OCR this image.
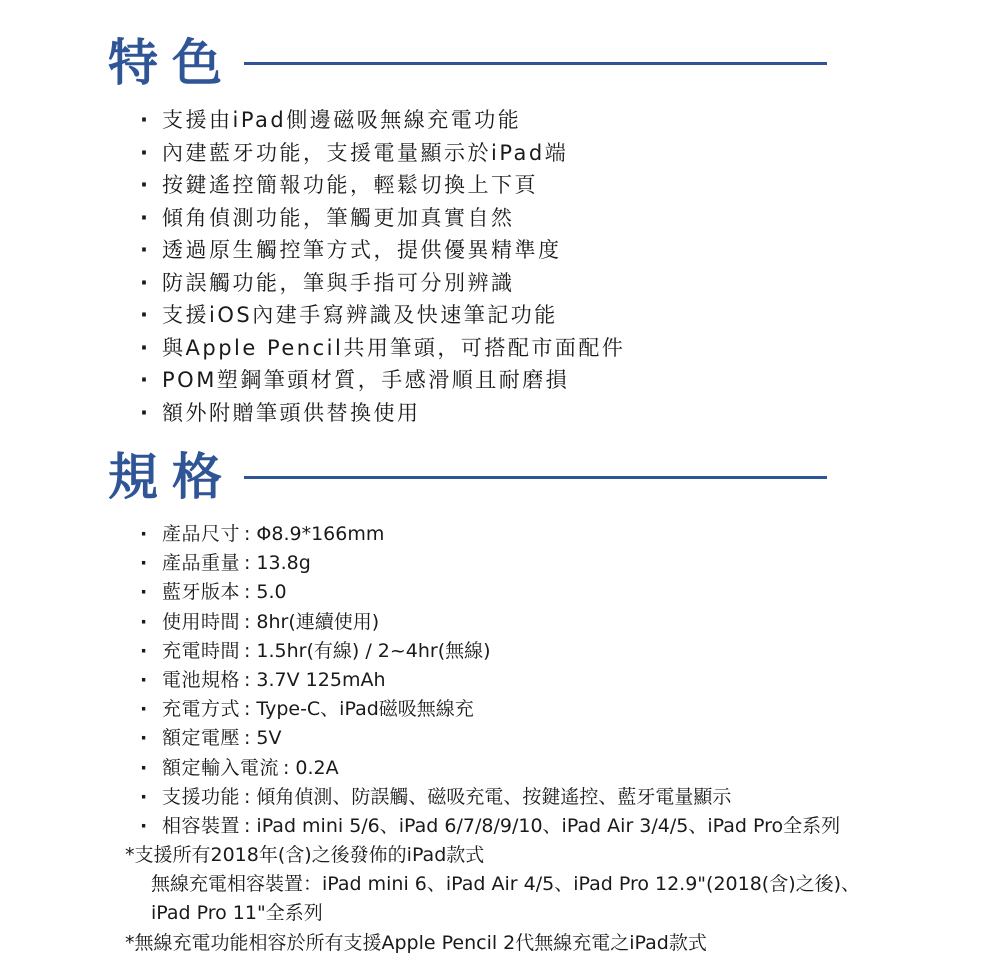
特色
· 支援由iPad側邊磁吸無線充電功能
· 內建藍牙功能，支援電量顯示於iPad端
· 按鍵遙控簡報功能，輕鬆切換上下頁
· 傾角偵測功能，筆觸更加真實自然
· 透過原生觸控筆方式，提供優異精準度
· 防誤觸功能，筆與手指可分別辨識
· 支援iOS內建手寫辨識及快速筆記功能
· 與Apple Pencil共用筆頭，可搭配市面配件
· POM塑鋼筆頭材質，手感滑順且耐磨損
· 額外附贈筆頭供替換使用
規格
· 產品尺寸 : Φ8.9*166mm
· 產品重量 : 13.8g
· 藍牙版本 : 5.0
· 使用時間 : 8hr(連續使用)
· 充電時間 : 1.5hr(有線) / 2~4hr(無線)
· 電池規格 : 3.7V 125mAh
· 充電方式 : Type-C、iPad磁吸無線充
· 額定電壓 : 5V
· 額定輸入電流 : 0.2A
· 支援功能 : 傾角偵測、防誤觸、磁吸充電、按鍵遙控、藍牙電量顯示
· 相容裝置 : iPad mini 5/6、iPad 6/7/8/9/10、iPad Air 3/4/5、iPad Pro全系列
*支援所有2018年(含)之後發佈的iPad款式
無線充電相容裝置：iPad mini 6、iPad Air 4/5、iPad Pro 12.9"(2018(含)之後)、
iPad Pro 11"全系列
*無線充電功能相容於所有支援Apple Pencil 2代無線充電之iPad款式
